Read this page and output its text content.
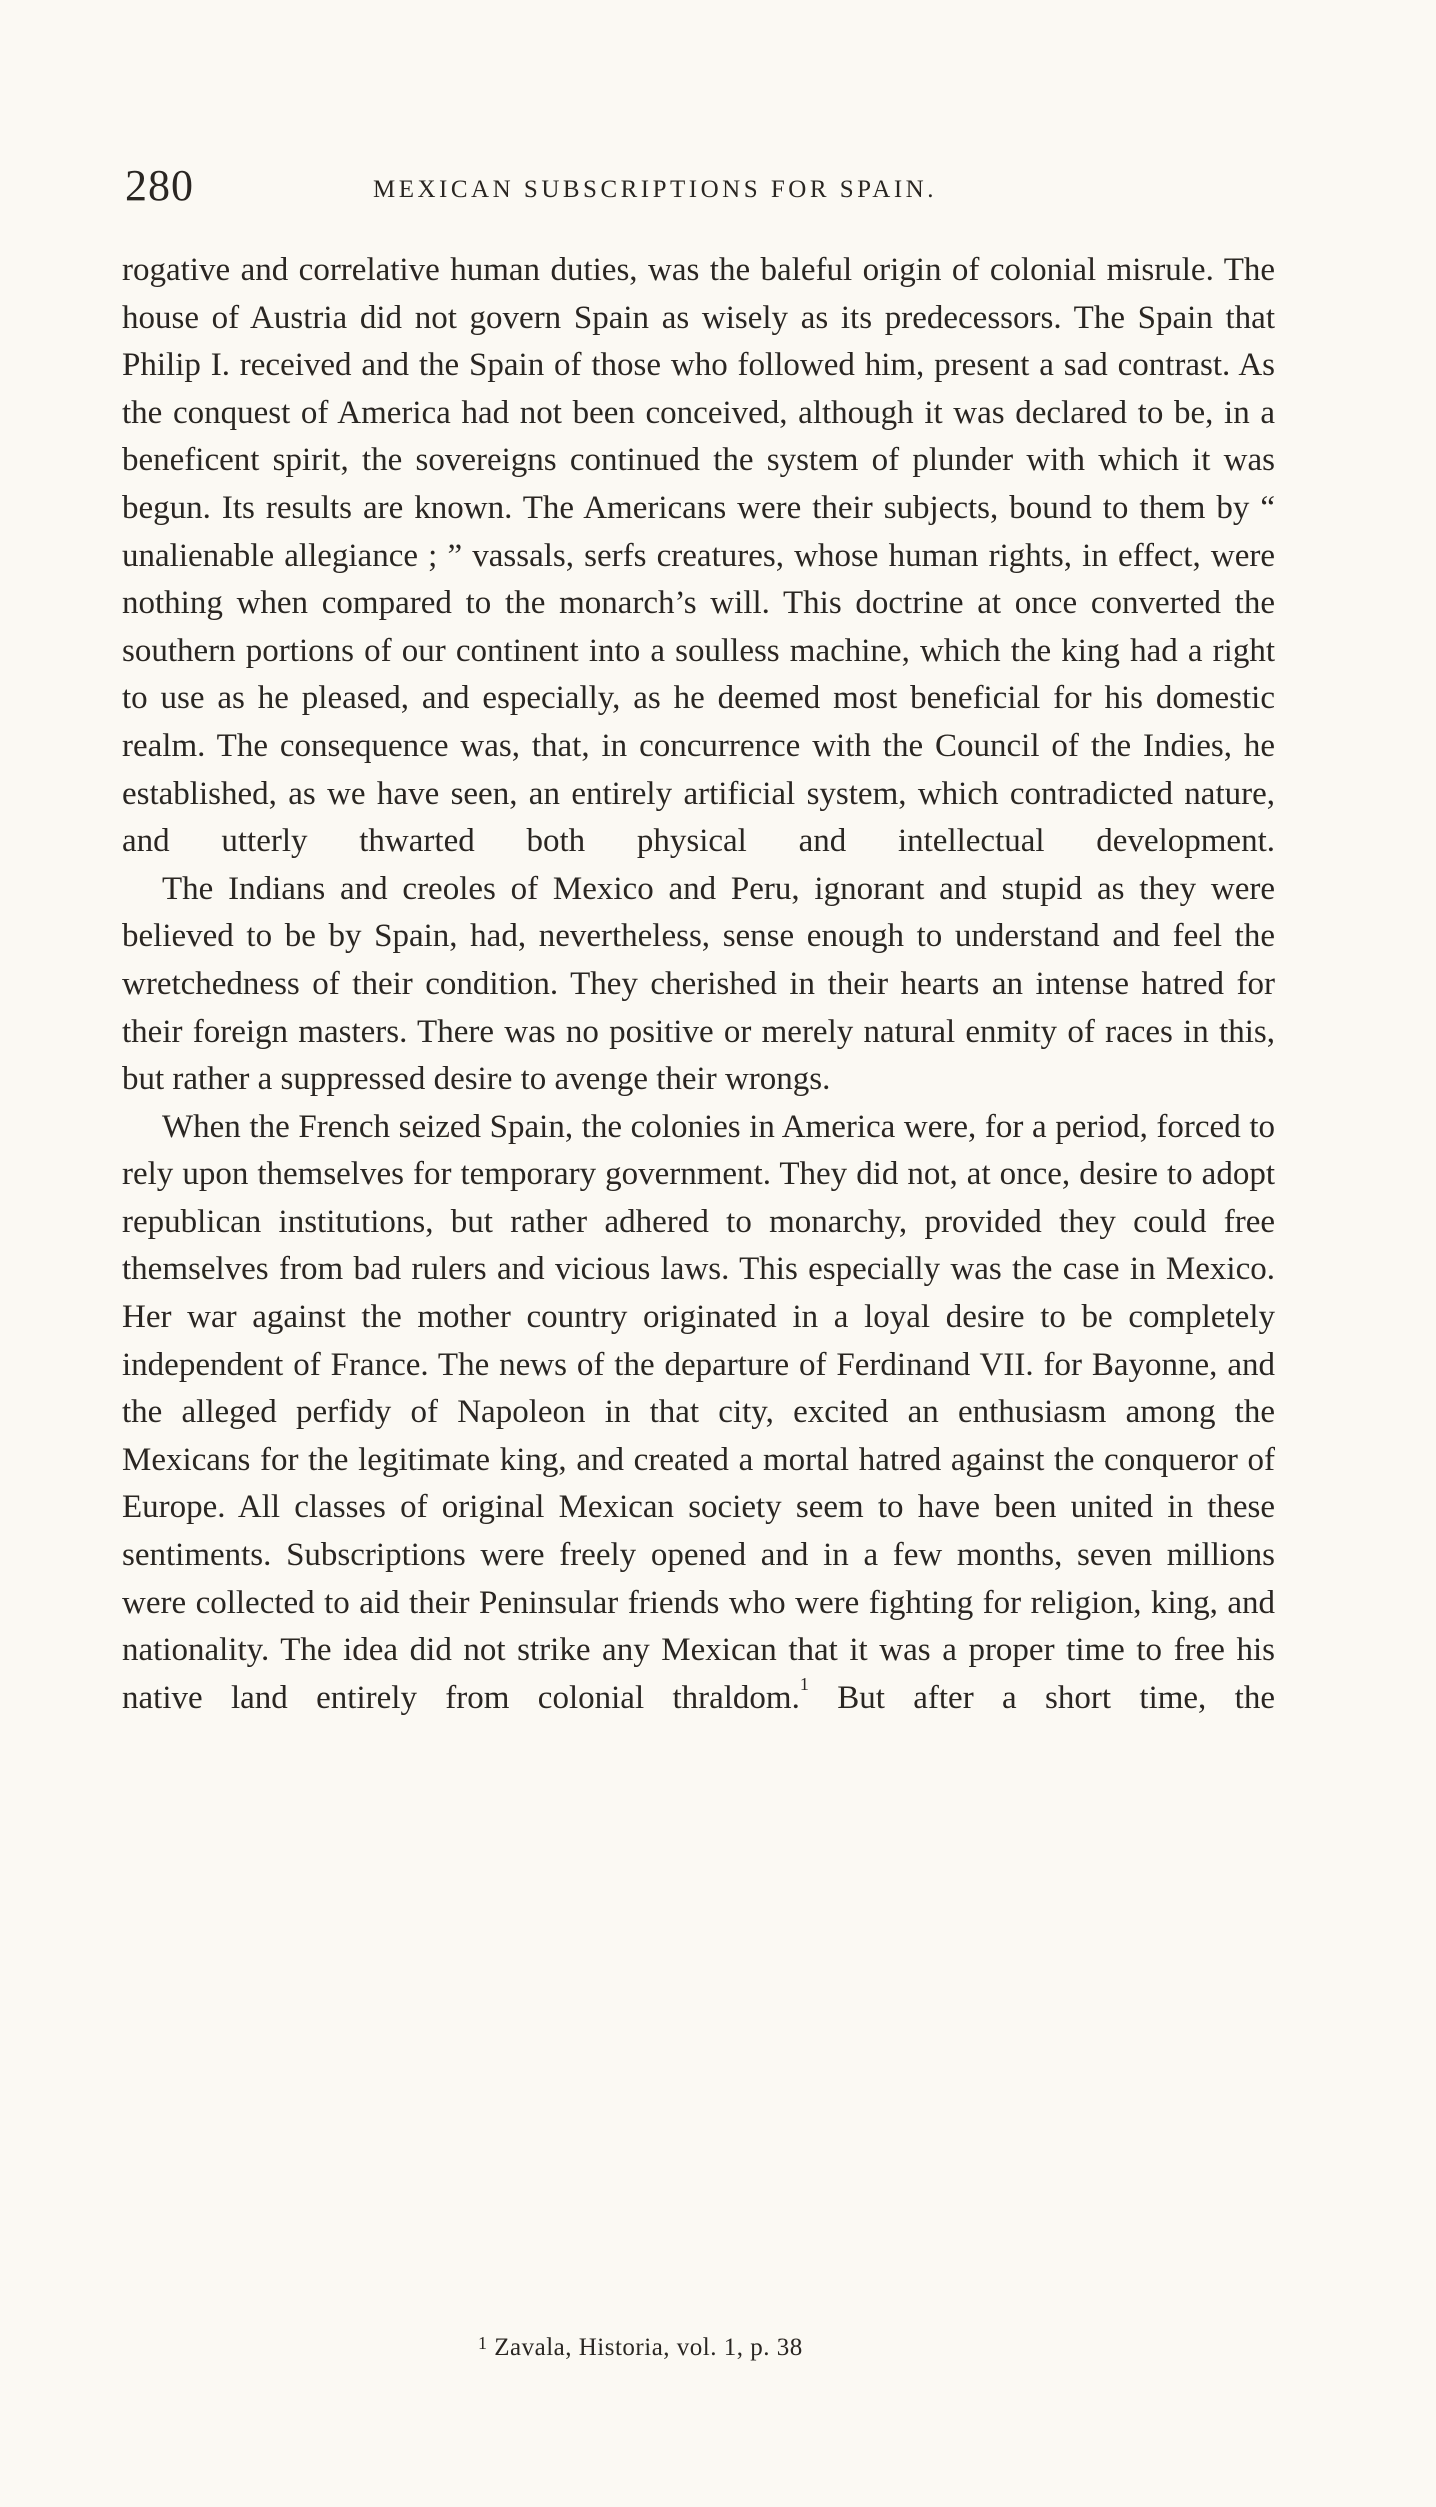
280	MEXICAN SUBSCRIPTIONS FOR SPAIN.

rogative and correlative human duties, was the baleful origin of colonial misrule. The house of Austria did not govern Spain as wisely as its predecessors. The Spain that Philip I. received and the Spain of those who followed him, present a sad contrast. As the conquest of America had not been conceived, although it was declared to be, in a beneficent spirit, the sovereigns continued the system of plunder with which it was begun. Its results are known. The Americans were their subjects, bound to them by “ unalienable allegiance ; ” vassals, serfs creatures, whose human rights, in effect, were nothing when compared to the monarch’s will. This doctrine at once converted the southern portions of our continent into a soulless machine, which the king had a right to use as he pleased, and especially, as he deemed most beneficial for his domestic realm. The consequence was, that, in concurrence with the Council of the Indies, he established, as we have seen, an entirely artificial system, which contradicted nature, and utterly thwarted both physical and intellectual development.

The Indians and creoles of Mexico and Peru, ignorant and stupid as they were believed to be by Spain, had, nevertheless, sense enough to understand and feel the wretchedness of their condition. They cherished in their hearts an intense hatred for their foreign masters. There was no positive or merely natural enmity of races in this, but rather a suppressed desire to avenge their wrongs.

When the French seized Spain, the colonies in America were, for a period, forced to rely upon themselves for temporary government. They did not, at once, desire to adopt republican institutions, but rather adhered to monarchy, provided they could free themselves from bad rulers and vicious laws. This especially was the case in Mexico. Her war against the mother country originated in a loyal desire to be completely independent of France. The news of the departure of Ferdinand VII. for Bayonne, and the alleged perfidy of Napoleon in that city, excited an enthusiasm among the Mexicans for the legitimate king, and created a mortal hatred against the conqueror of Europe. All classes of original Mexican society seem to have been united in these sentiments. Subscriptions were freely opened and in a few months, seven millions were collected to aid their Peninsular friends who were fighting for religion, king, and nationality. The idea did not strike any Mexican that it was a proper time to free his native land entirely from colonial thraldom.$^1$ But after a short time, the

$^1$ Zavala, Historia, vol. 1, p. 38
